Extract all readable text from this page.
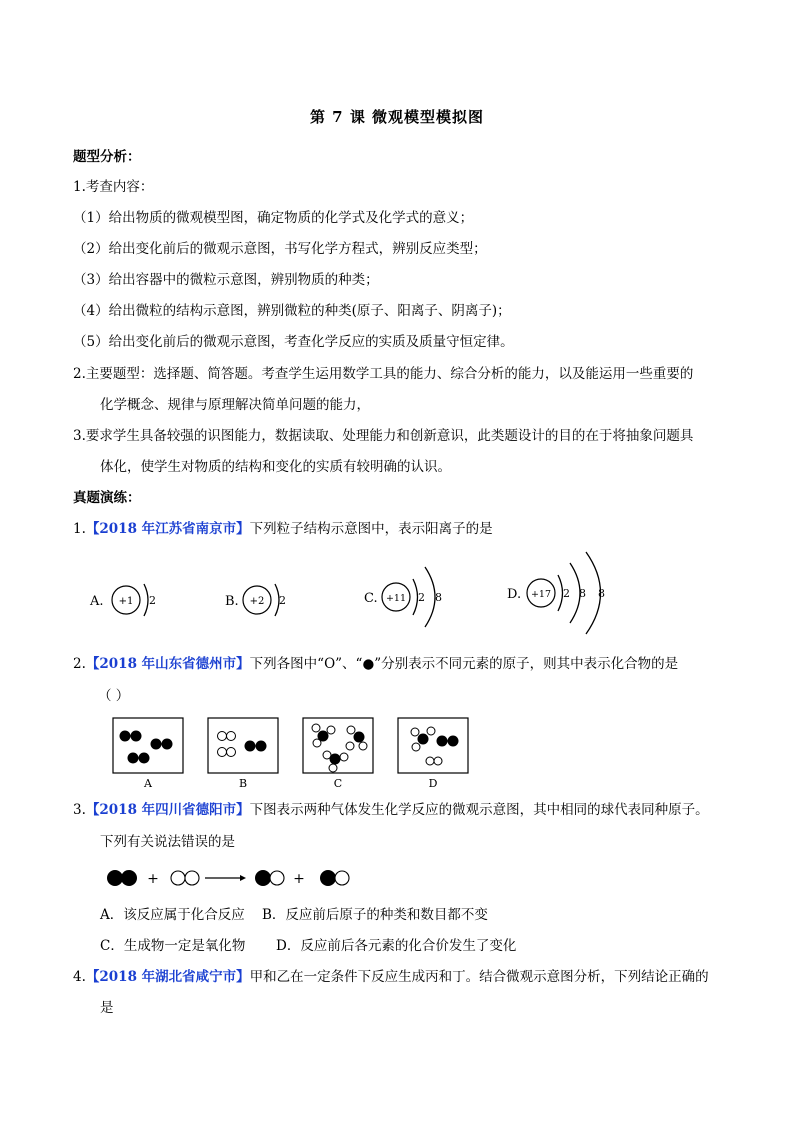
第 7 课 微观模型模拟图
题型分析：
1.考查内容：
（1）给出物质的微观模型图，确定物质的化学式及化学式的意义；
（2）给出变化前后的微观示意图，书写化学方程式，辨别反应类型；
（3）给出容器中的微粒示意图，辨别物质的种类；
（4）给出微粒的结构示意图，辨别微粒的种类(原子、阳离子、阴离子)；
（5）给出变化前后的微观示意图，考查化学反应的实质及质量守恒定律。
2.主要题型：选择题、简答题。考查学生运用数学工具的能力、综合分析的能力，以及能运用一些重要的
化学概念、规律与原理解决简单问题的能力，
3.要求学生具备较强的识图能力，数据读取、处理能力和创新意识，此类题设计的目的在于将抽象问题具
体化，使学生对物质的结构和变化的实质有较明确的认识。
真题演练：
1.【2018 年江苏省南京市】下列粒子结构示意图中，表示阳离子的是
A. +1 2	B. +2 2	C. +11 2 8	D. +17 2 8 8
2.【2018 年山东省德州市】下列各图中“O”、“●”分别表示不同元素的原子，则其中表示化合物的是
（ ）
A	B	C	D
3.【2018 年四川省德阳市】下图表示两种气体发生化学反应的微观示意图，其中相同的球代表同种原子。
下列有关说法错误的是
+	+
A．该反应属于化合反应 B．反应前后原子的种类和数目都不变
C．生成物一定是氧化物 D．反应前后各元素的化合价发生了变化
4.【2018 年湖北省咸宁市】甲和乙在一定条件下反应生成丙和丁。结合微观示意图分析，下列结论正确的
是
